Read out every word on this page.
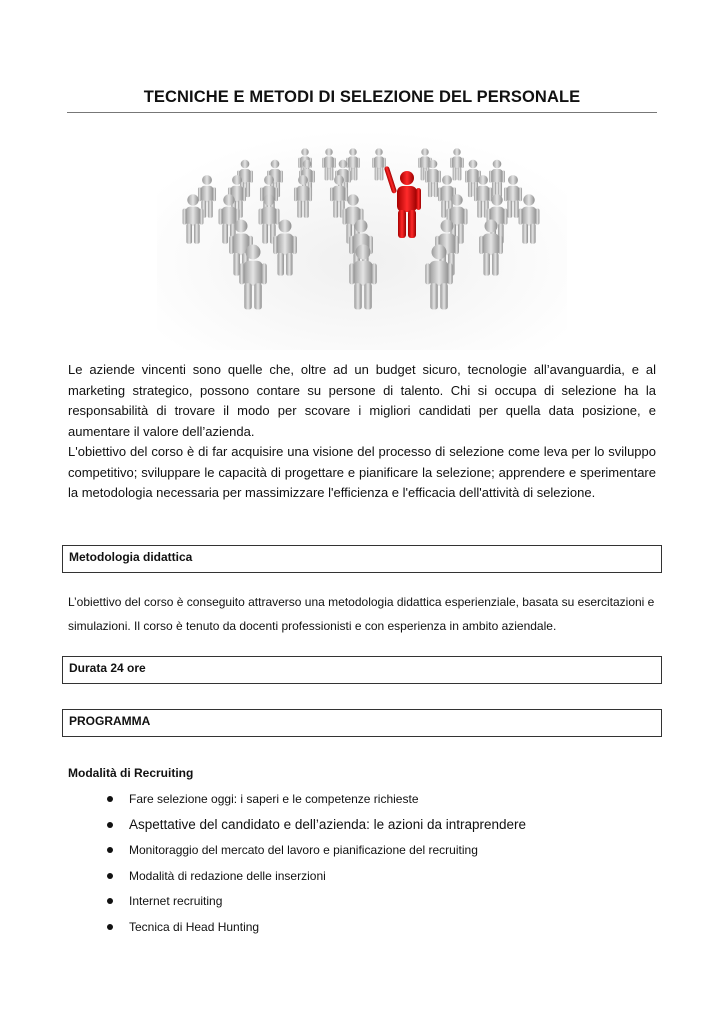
TECNICHE E METODI DI SELEZIONE DEL PERSONALE

Le aziende vincenti sono quelle che, oltre ad un budget sicuro, tecnologie all’avanguardia, e al marketing strategico, possono contare su persone di talento. Chi si occupa di selezione ha la responsabilità di trovare il modo per scovare i migliori candidati per quella data posizione, e aumentare il valore dell’azienda.

L'obiettivo del corso è di far acquisire una visione del processo di selezione come leva per lo sviluppo competitivo; sviluppare le capacità di progettare e pianificare la selezione; apprendere e sperimentare la metodologia necessaria per massimizzare l'efficienza e l'efficacia dell'attività di selezione.

Metodologia didattica

L’obiettivo del corso è conseguito attraverso una metodologia didattica esperienziale, basata su esercitazioni e simulazioni. Il corso è tenuto da docenti professionisti e con esperienza in ambito aziendale.

Durata 24 ore
PROGRAMMA
Modalità di Recruiting
Fare selezione oggi: i saperi e le competenze richieste
Aspettative del candidato e dell’azienda: le azioni da intraprendere
Monitoraggio del mercato del lavoro e pianificazione del recruiting
Modalità di redazione delle inserzioni
Internet recruiting
Tecnica di Head Hunting
